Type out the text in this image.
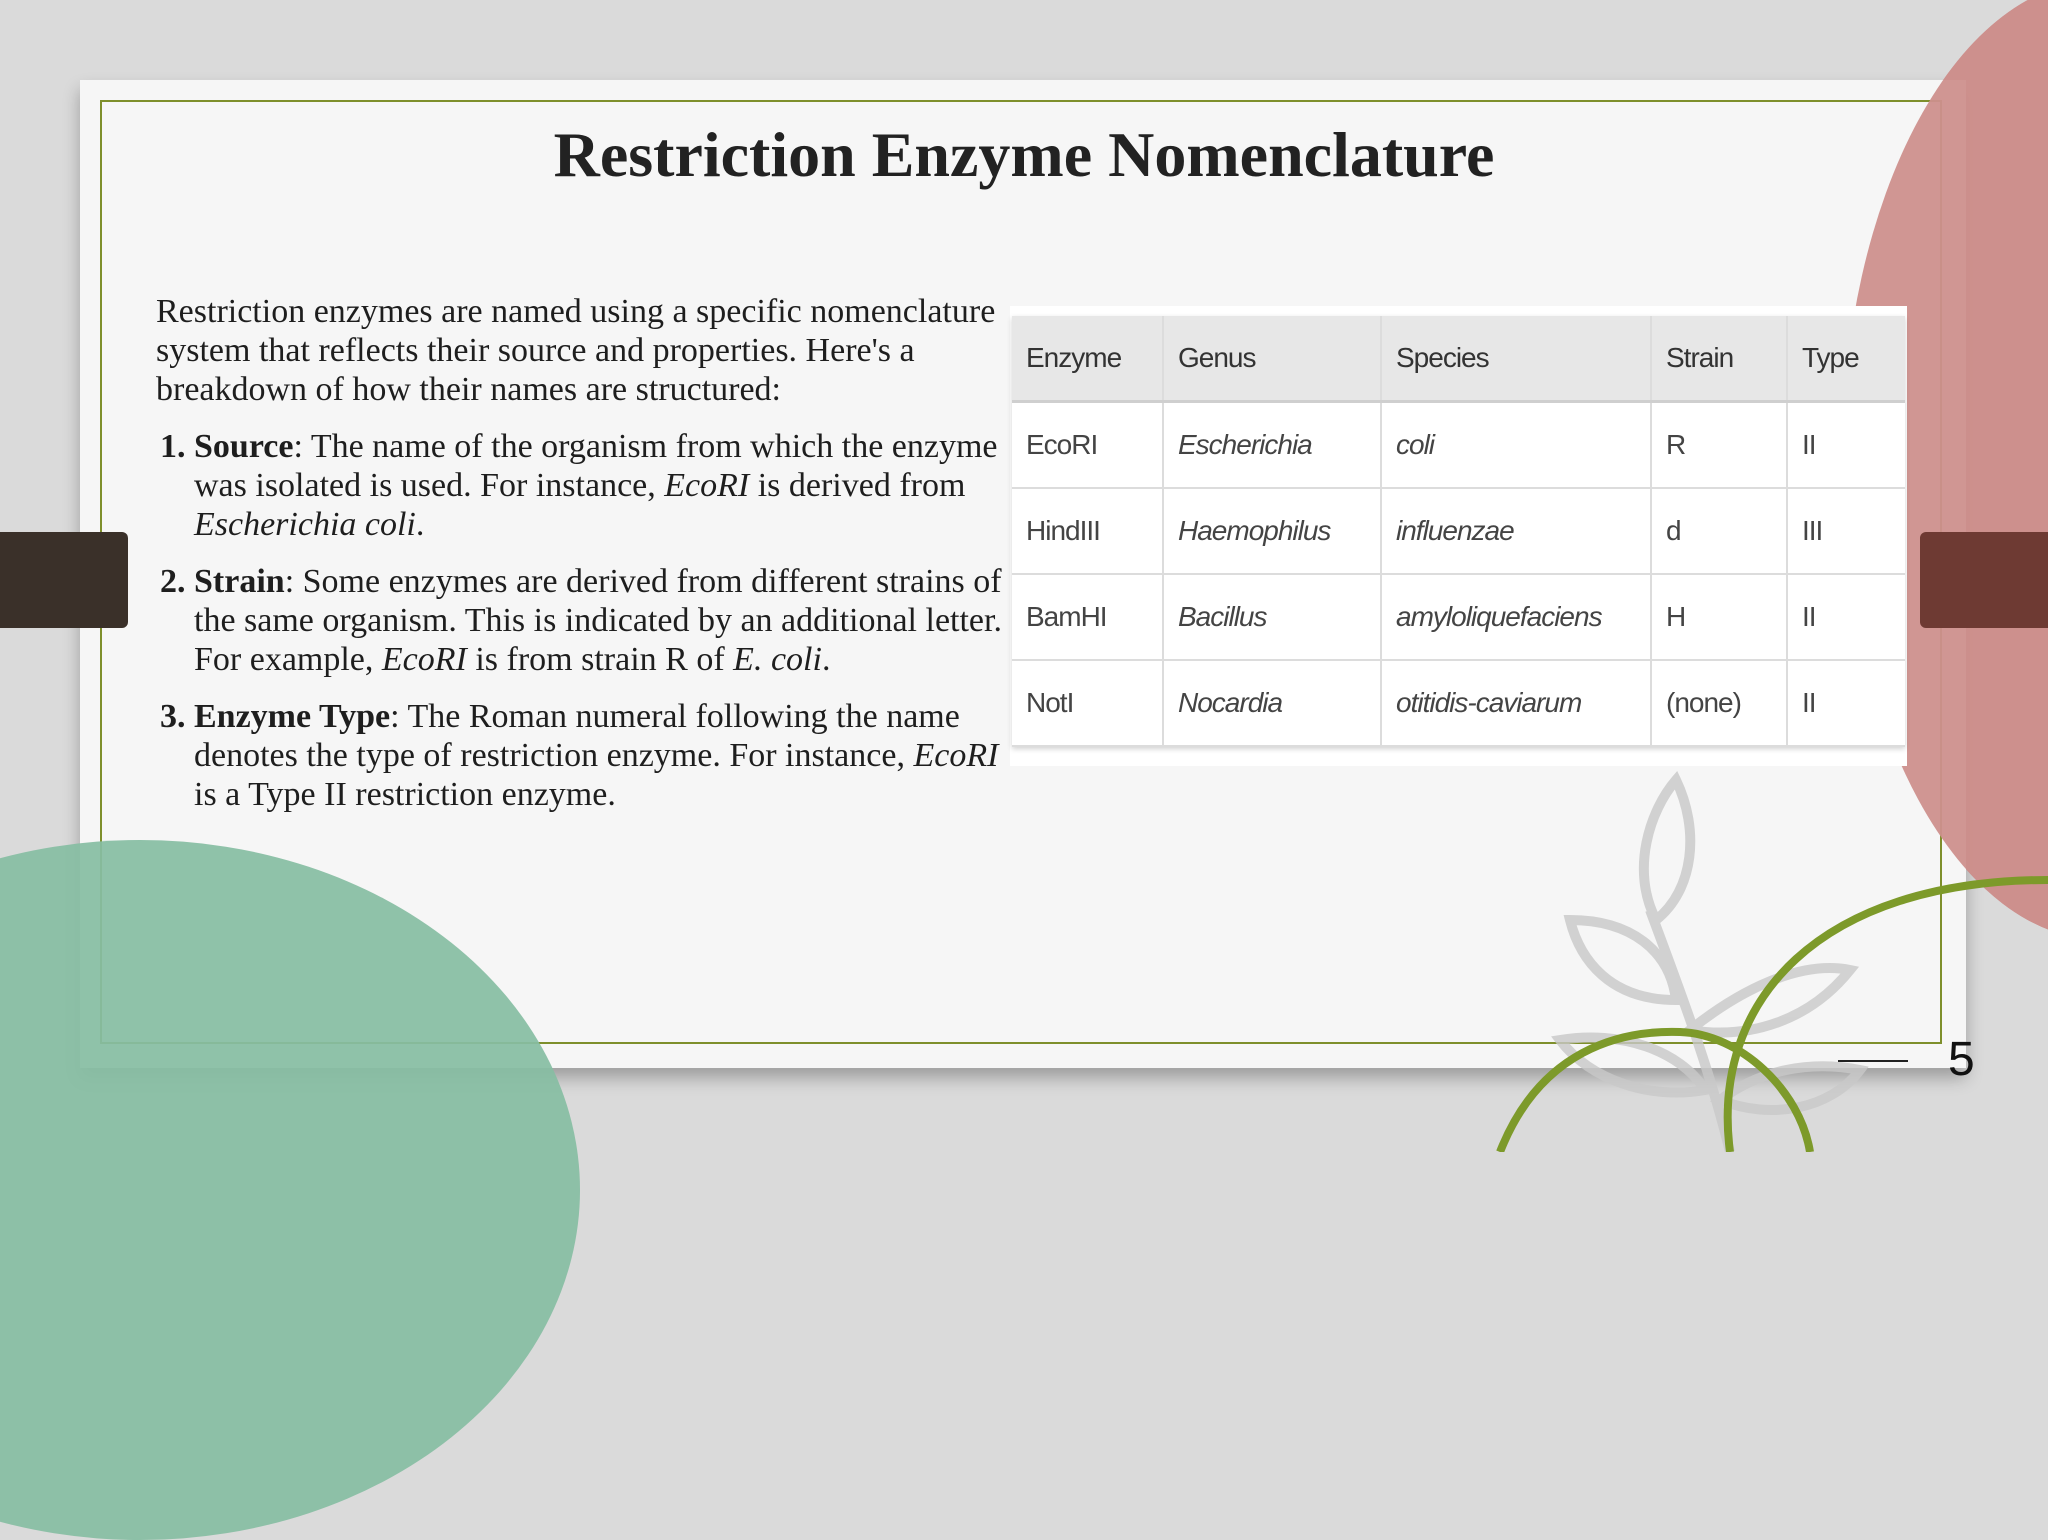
Restriction Enzyme Nomenclature

Restriction enzymes are named using a specific nomenclature system that reflects their source and properties. Here's a breakdown of how their names are structured:

1. Source: The name of the organism from which the enzyme was isolated is used. For instance, EcoRI is derived from Escherichia coli.
2. Strain: Some enzymes are derived from different strains of the same organism. This is indicated by an additional letter. For example, EcoRI is from strain R of E. coli.
3. Enzyme Type: The Roman numeral following the name denotes the type of restriction enzyme. For instance, EcoRI is a Type II restriction enzyme.
Enzyme	Genus	Species	Strain	Type
EcoRI	Escherichia	coli	R	II
HindIII	Haemophilus	influenzae	d	III
BamHI	Bacillus	amyloliquefaciens	H	II
NotI	Nocardia	otitidis-caviarum	(none)	II
5
